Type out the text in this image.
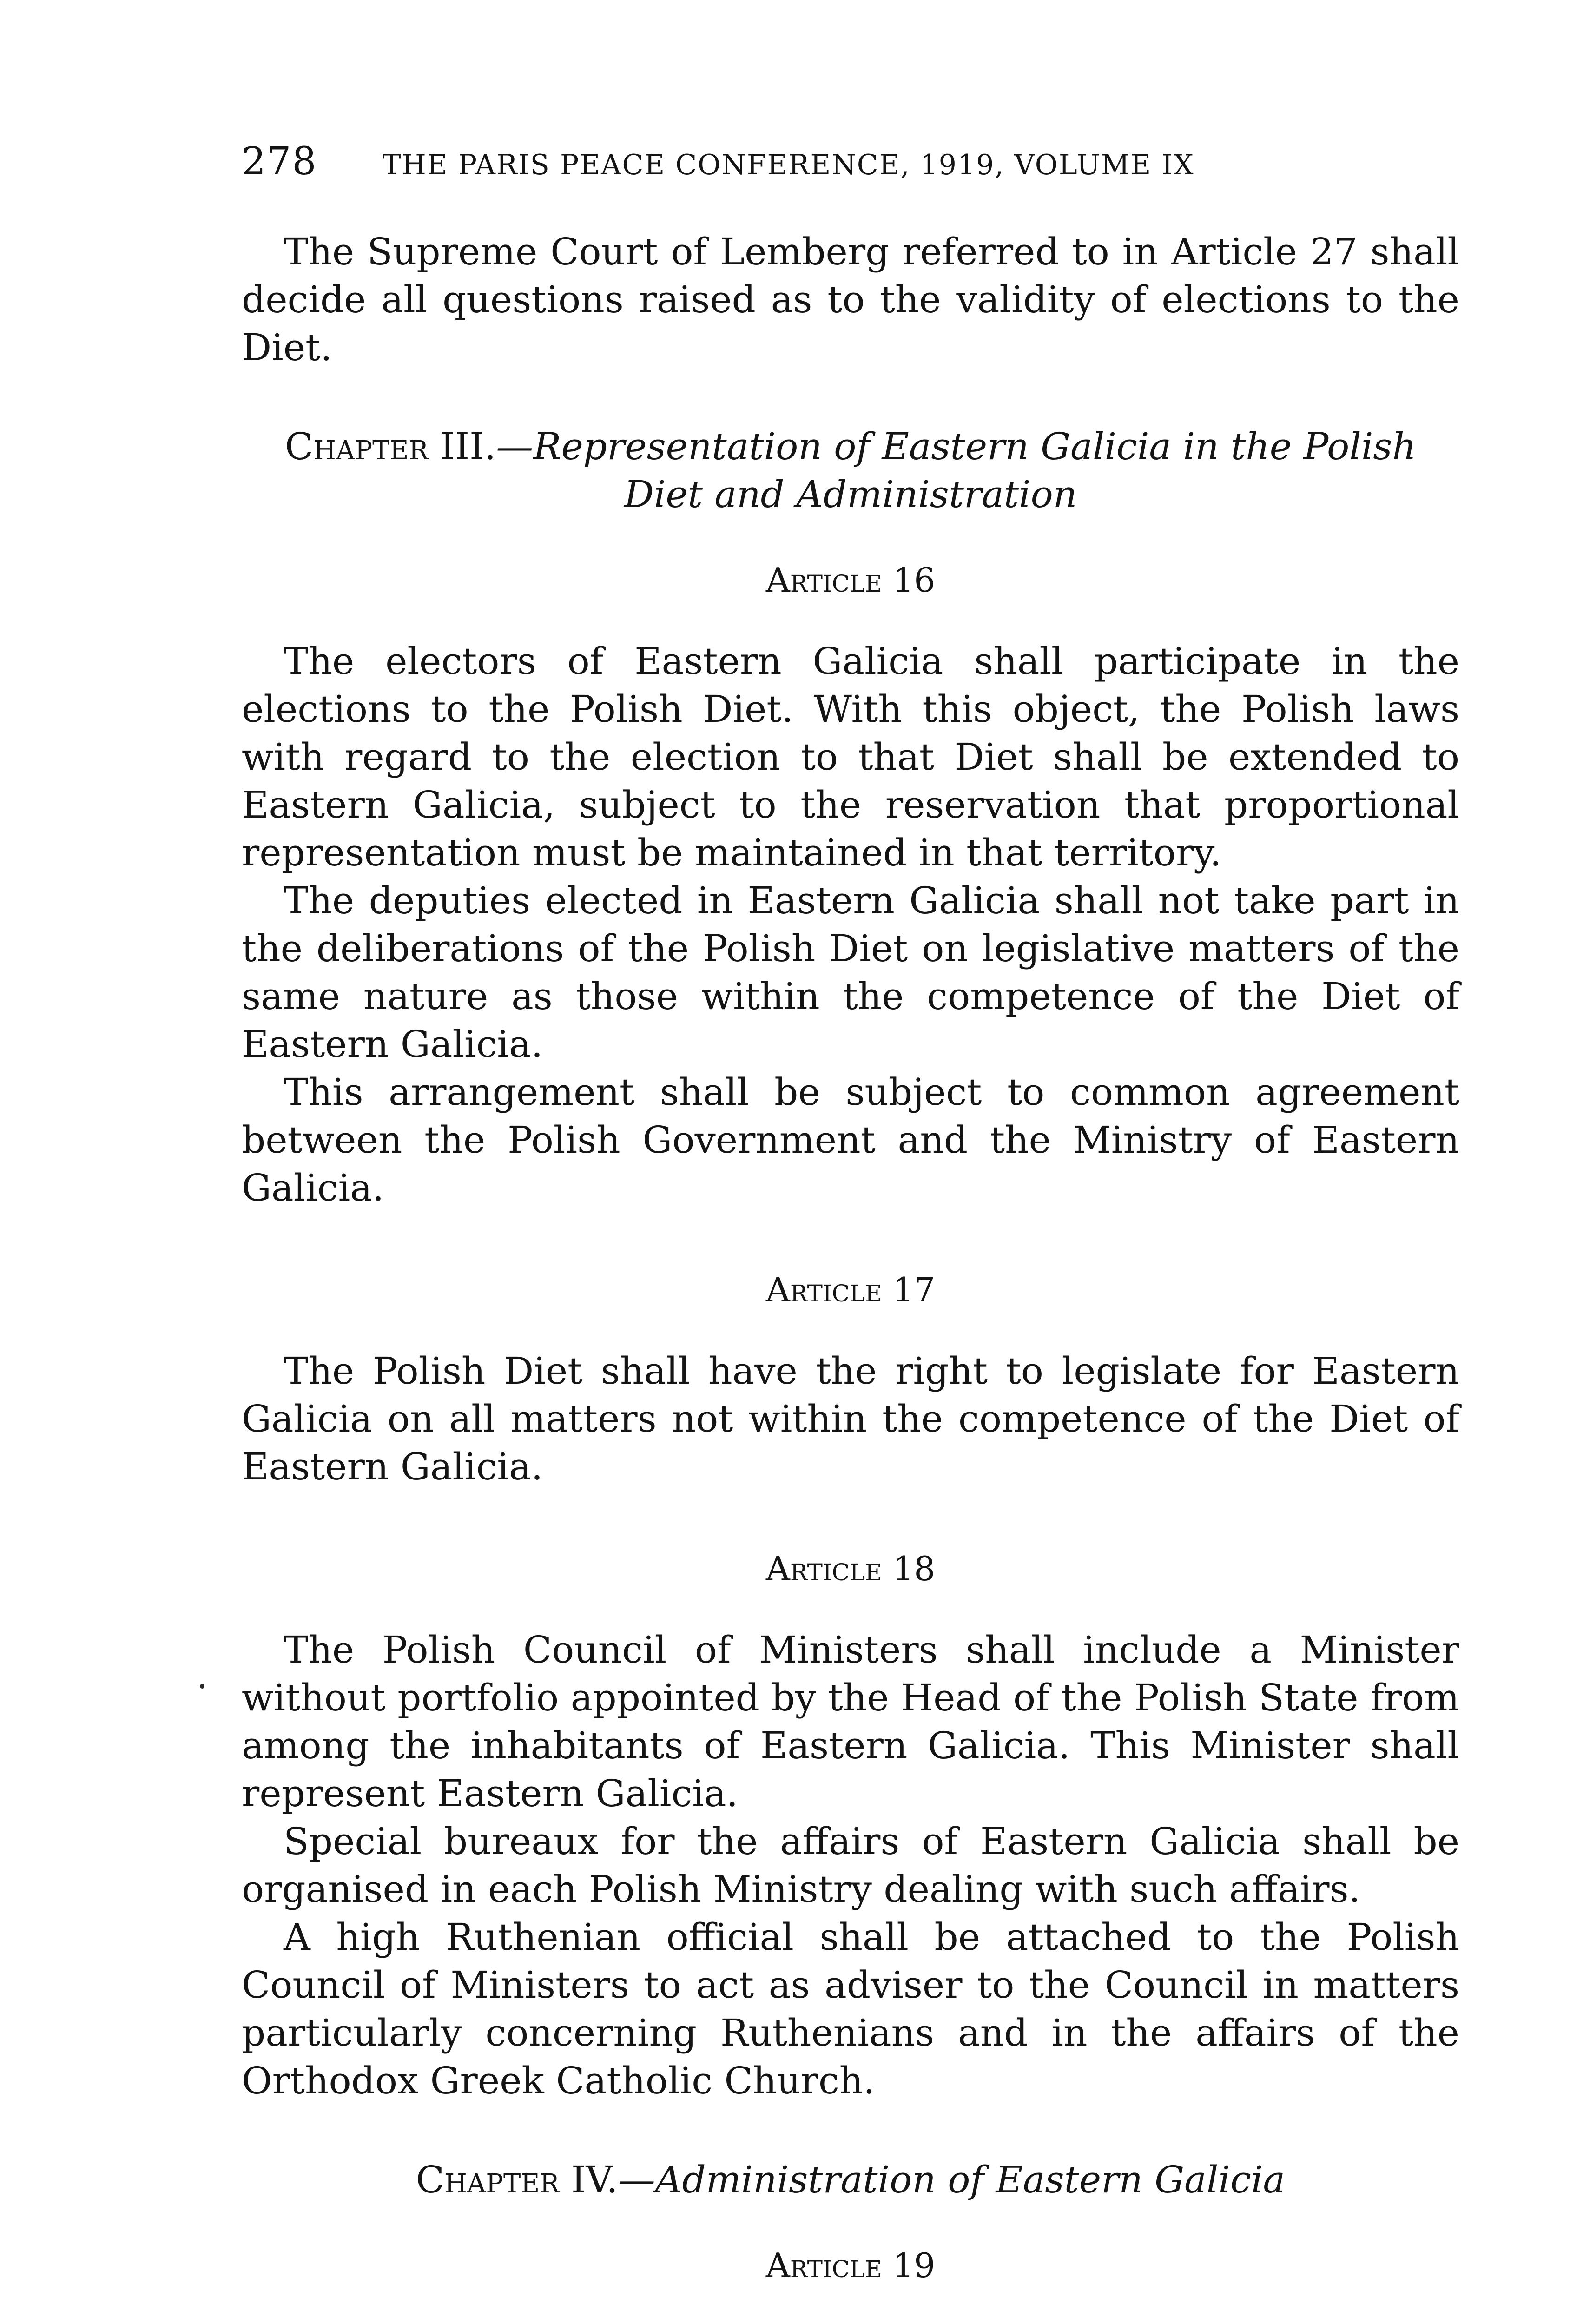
278 THE PARIS PEACE CONFERENCE, 1919, VOLUME IX

The Supreme Court of Lemberg referred to in Article 27 shall decide all questions raised as to the validity of elections to the Diet.

Chapter III.—Representation of Eastern Galicia in the Polish Diet and Administration
Article 16

The electors of Eastern Galicia shall participate in the elections to the Polish Diet. With this object, the Polish laws with regard to the election to that Diet shall be extended to Eastern Galicia, subject to the reservation that proportional representation must be maintained in that territory.

The deputies elected in Eastern Galicia shall not take part in the deliberations of the Polish Diet on legislative matters of the same nature as those within the competence of the Diet of Eastern Galicia.

This arrangement shall be subject to common agreement between the Polish Government and the Ministry of Eastern Galicia.

Article 17

The Polish Diet shall have the right to legislate for Eastern Galicia on all matters not within the competence of the Diet of Eastern Galicia.

Article 18

The Polish Council of Ministers shall include a Minister without portfolio appointed by the Head of the Polish State from among the inhabitants of Eastern Galicia. This Minister shall represent Eastern Galicia.

Special bureaux for the affairs of Eastern Galicia shall be organised in each Polish Ministry dealing with such affairs.

A high Ruthenian official shall be attached to the Polish Council of Ministers to act as adviser to the Council in matters particularly concerning Ruthenians and in the affairs of the Orthodox Greek Catholic Church.

Chapter IV.—Administration of Eastern Galicia
Article 19
